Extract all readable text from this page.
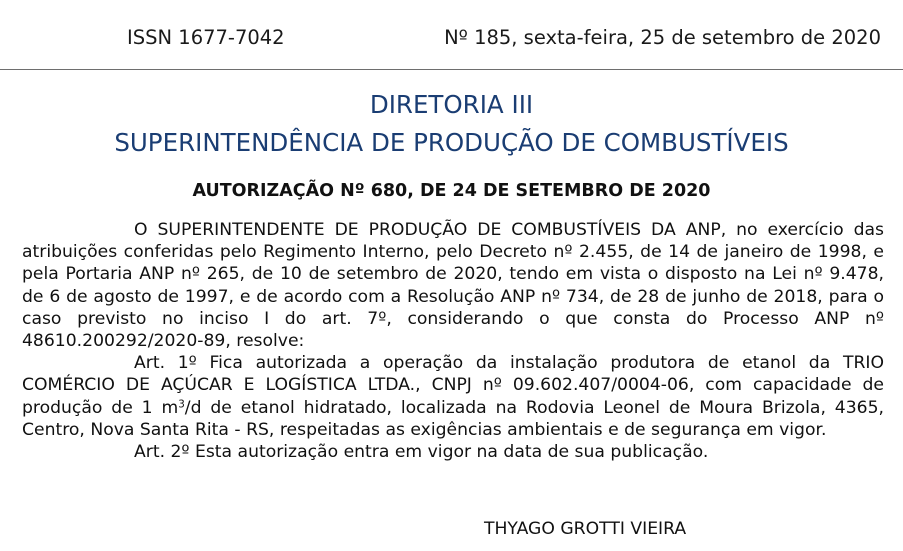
ISSN 1677-7042	Nº 185, sexta-feira, 25 de setembro de 2020
DIRETORIA III
SUPERINTENDÊNCIA DE PRODUÇÃO DE COMBUSTÍVEIS
AUTORIZAÇÃO Nº 680, DE 24 DE SETEMBRO DE 2020

O SUPERINTENDENTE DE PRODUÇÃO DE COMBUSTÍVEIS DA ANP, no exercício das atribuições conferidas pelo Regimento Interno, pelo Decreto nº 2.455, de 14 de janeiro de 1998, e pela Portaria ANP nº 265, de 10 de setembro de 2020, tendo em vista o disposto na Lei nº 9.478, de 6 de agosto de 1997, e de acordo com a Resolução ANP nº 734, de 28 de junho de 2018, para o caso previsto no inciso I do art. 7º, considerando o que consta do Processo ANP nº 48610.200292/2020-89, resolve:

Art. 1º Fica autorizada a operação da instalação produtora de etanol da TRIO COMÉRCIO DE AÇÚCAR E LOGÍSTICA LTDA., CNPJ nº 09.602.407/0004-06, com capacidade de produção de 1 $m^3/d$ de etanol hidratado, localizada na Rodovia Leonel de Moura Brizola, 4365, Centro, Nova Santa Rita - RS, respeitadas as exigências ambientais e de segurança em vigor.

Art. 2º Esta autorização entra em vigor na data de sua publicação.

THYAGO GROTTI VIEIRA
